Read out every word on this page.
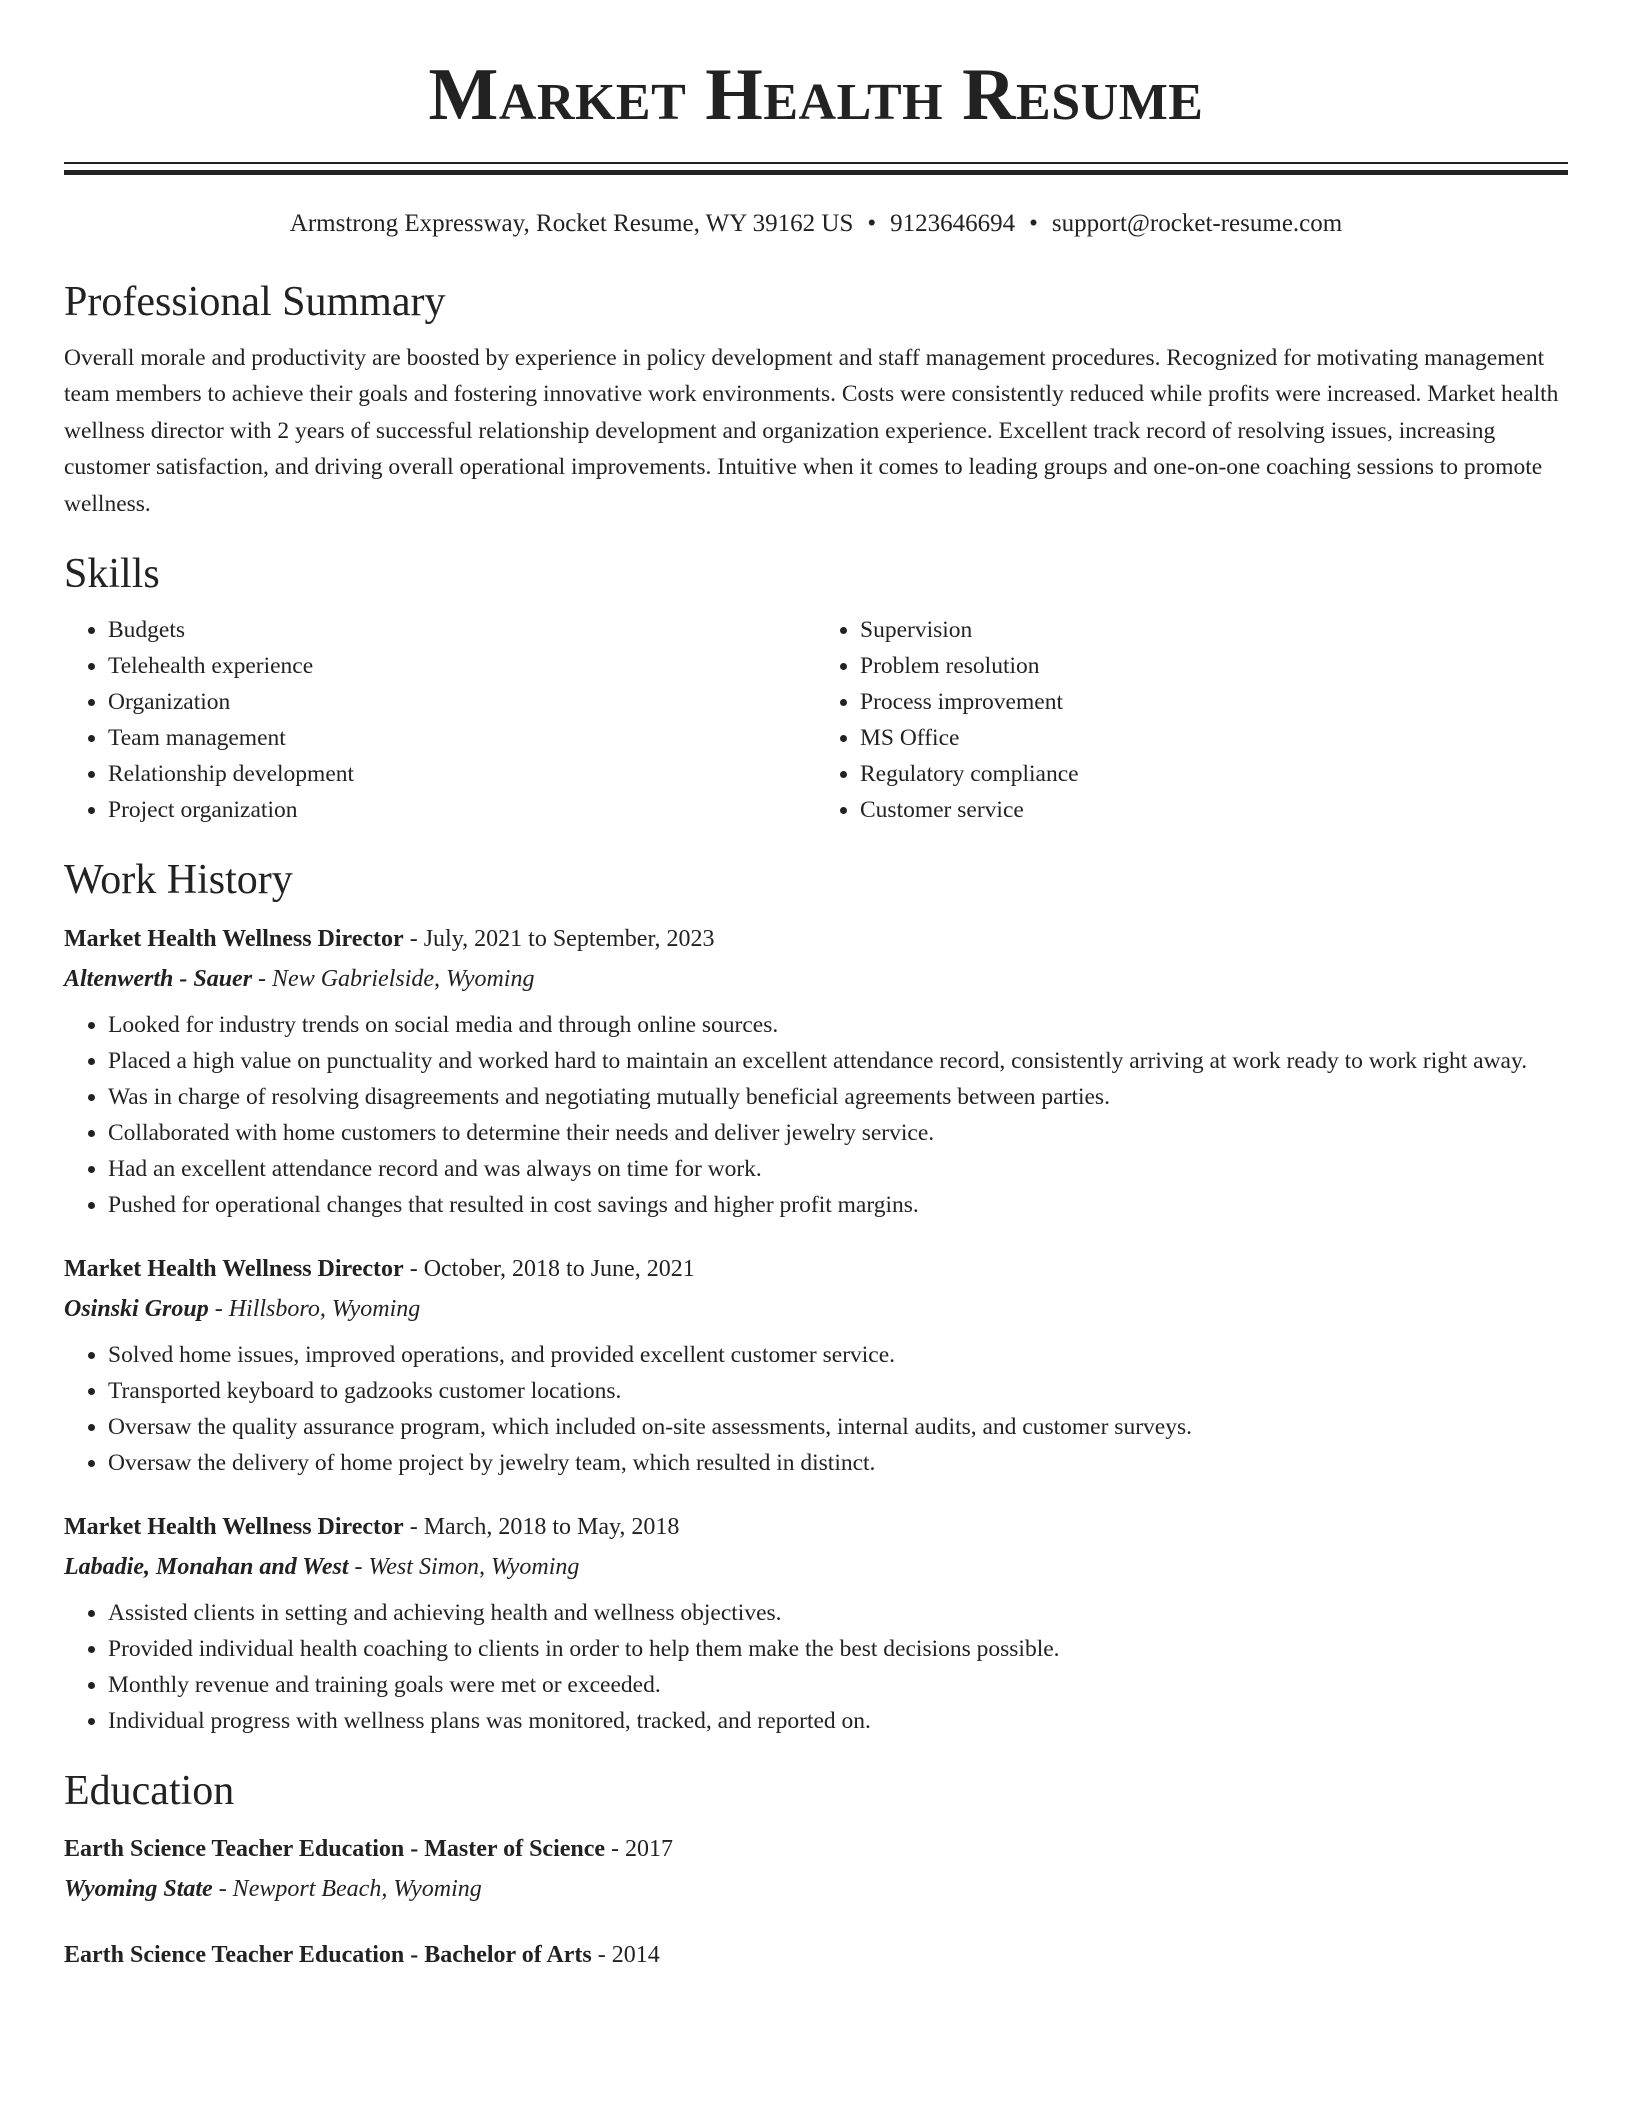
Market Health Resume
Armstrong Expressway, Rocket Resume, WY 39162 US • 9123646694 • support@rocket-resume.com
Professional Summary

Overall morale and productivity are boosted by experience in policy development and staff management procedures. Recognized for motivating management team members to achieve their goals and fostering innovative work environments. Costs were consistently reduced while profits were increased. Market health wellness director with 2 years of successful relationship development and organization experience. Excellent track record of resolving issues, increasing customer satisfaction, and driving overall operational improvements. Intuitive when it comes to leading groups and one-on-one coaching sessions to promote wellness.

Skills
• Budgets
• Telehealth experience
• Organization
• Team management
• Relationship development
• Project organization
• Supervision
• Problem resolution
• Process improvement
• MS Office
• Regulatory compliance
• Customer service
Work History
Market Health Wellness Director - July, 2021 to September, 2023
Altenwerth - Sauer - New Gabrielside, Wyoming
• Looked for industry trends on social media and through online sources.
• Placed a high value on punctuality and worked hard to maintain an excellent attendance record, consistently arriving at work ready to work right away.
• Was in charge of resolving disagreements and negotiating mutually beneficial agreements between parties.
• Collaborated with home customers to determine their needs and deliver jewelry service.
• Had an excellent attendance record and was always on time for work.
• Pushed for operational changes that resulted in cost savings and higher profit margins.
Market Health Wellness Director - October, 2018 to June, 2021
Osinski Group - Hillsboro, Wyoming
• Solved home issues, improved operations, and provided excellent customer service.
• Transported keyboard to gadzooks customer locations.
• Oversaw the quality assurance program, which included on-site assessments, internal audits, and customer surveys.
• Oversaw the delivery of home project by jewelry team, which resulted in distinct.
Market Health Wellness Director - March, 2018 to May, 2018
Labadie, Monahan and West - West Simon, Wyoming
• Assisted clients in setting and achieving health and wellness objectives.
• Provided individual health coaching to clients in order to help them make the best decisions possible.
• Monthly revenue and training goals were met or exceeded.
• Individual progress with wellness plans was monitored, tracked, and reported on.
Education
Earth Science Teacher Education - Master of Science - 2017
Wyoming State - Newport Beach, Wyoming
Earth Science Teacher Education - Bachelor of Arts - 2014
